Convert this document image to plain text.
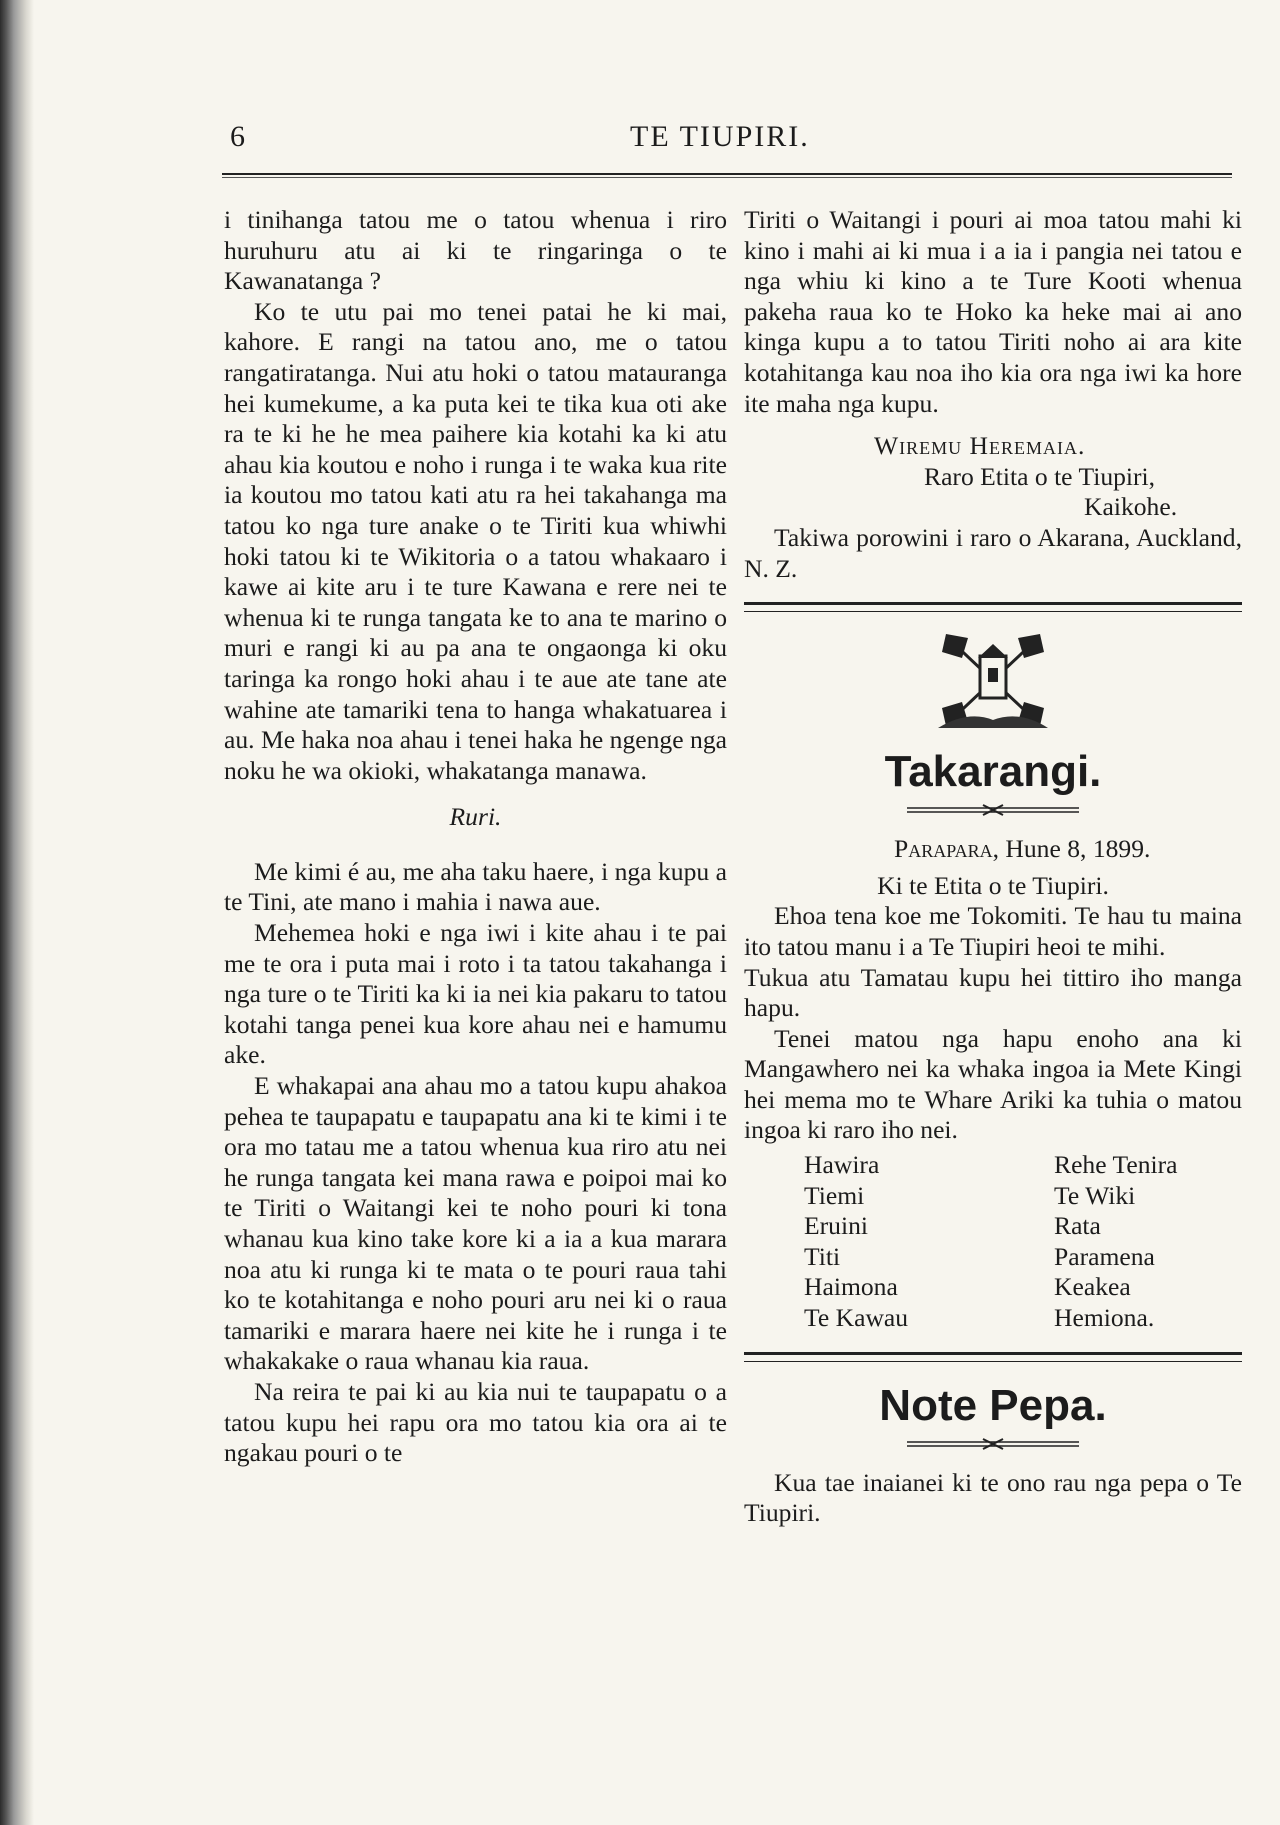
6	TE TIUPIRI.

i tinihanga tatou me o tatou whenua i riro huruhuru atu ai ki te ringaringa o te Kawanatanga ?

Ko te utu pai mo tenei patai he ki mai, kahore. E rangi na tatou ano, me o tatou rangatiratanga. Nui atu hoki o tatou matauranga hei kumekume, a ka puta kei te tika kua oti ake ra te ki he he mea paihere kia kotahi ka ki atu ahau kia koutou e noho i runga i te waka kua rite ia koutou mo tatou kati atu ra hei takahanga ma tatou ko nga ture anake o te Tiriti kua whiwhi hoki tatou ki te Wikitoria o a tatou whakaaro i kawe ai kite aru i te ture Kawana e rere nei te whenua ki te runga tangata ke to ana te marino o muri e rangi ki au pa ana te ongaonga ki oku taringa ka rongo hoki ahau i te aue ate tane ate wahine ate tamariki tena to hanga whakatuarea i au. Me haka noa ahau i tenei haka he ngenge nga noku he wa okioki, whakatanga manawa.

Ruri.

Me kimi é au, me aha taku haere, i nga kupu a te Tini, ate mano i mahia i nawa aue.

Mehemea hoki e nga iwi i kite ahau i te pai me te ora i puta mai i roto i ta tatou takahanga i nga ture o te Tiriti ka ki ia nei kia pakaru to tatou kotahi tanga penei kua kore ahau nei e hamumu ake.

E whakapai ana ahau mo a tatou kupu ahakoa pehea te taupapatu e taupapatu ana ki te kimi i te ora mo tatau me a tatou whenua kua riro atu nei he runga tangata kei mana rawa e poipoi mai ko te Tiriti o Waitangi kei te noho pouri ki tona whanau kua kino take kore ki a ia a kua marara noa atu ki runga ki te mata o te pouri raua tahi ko te kotahitanga e noho pouri aru nei ki o raua tamariki e marara haere nei kite he i runga i te whakakake o raua whanau kia raua.

Na reira te pai ki au kia nui te taupapatu o a tatou kupu hei rapu ora mo tatou kia ora ai te ngakau pouri o te

Tiriti o Waitangi i pouri ai moa tatou mahi ki kino i mahi ai ki mua i a ia i pangia nei tatou e nga whiu ki kino a te Ture Kooti whenua pakeha raua ko te Hoko ka heke mai ai ano kinga kupu a to tatou Tiriti noho ai ara kite kotahitanga kau noa iho kia ora nga iwi ka hore ite maha nga kupu.

Wiremu Heremaia.
Raro Etita o te Tiupiri,
Kaikohe.

Takiwa porowini i raro o Akarana, Auckland, N. Z.

Takarangi.
Parapara, Hune 8, 1899.
Ki te Etita o te Tiupiri.

Ehoa tena koe me Tokomiti. Te hau tu maina ito tatou manu i a Te Tiupiri heoi te mihi.

Tukua atu Tamatau kupu hei tittiro iho manga hapu.

Tenei matou nga hapu enoho ana ki Mangawhero nei ka whaka ingoa ia Mete Kingi hei mema mo te Whare Ariki ka tuhia o matou ingoa ki raro iho nei.

Hawira	Rehe Tenira
Tiemi	Te Wiki
Eruini	Rata
Titi	Paramena
Haimona	Keakea
Te Kawau	Hemiona.
Note Pepa.

Kua tae inaianei ki te ono rau nga pepa o Te Tiupiri.
